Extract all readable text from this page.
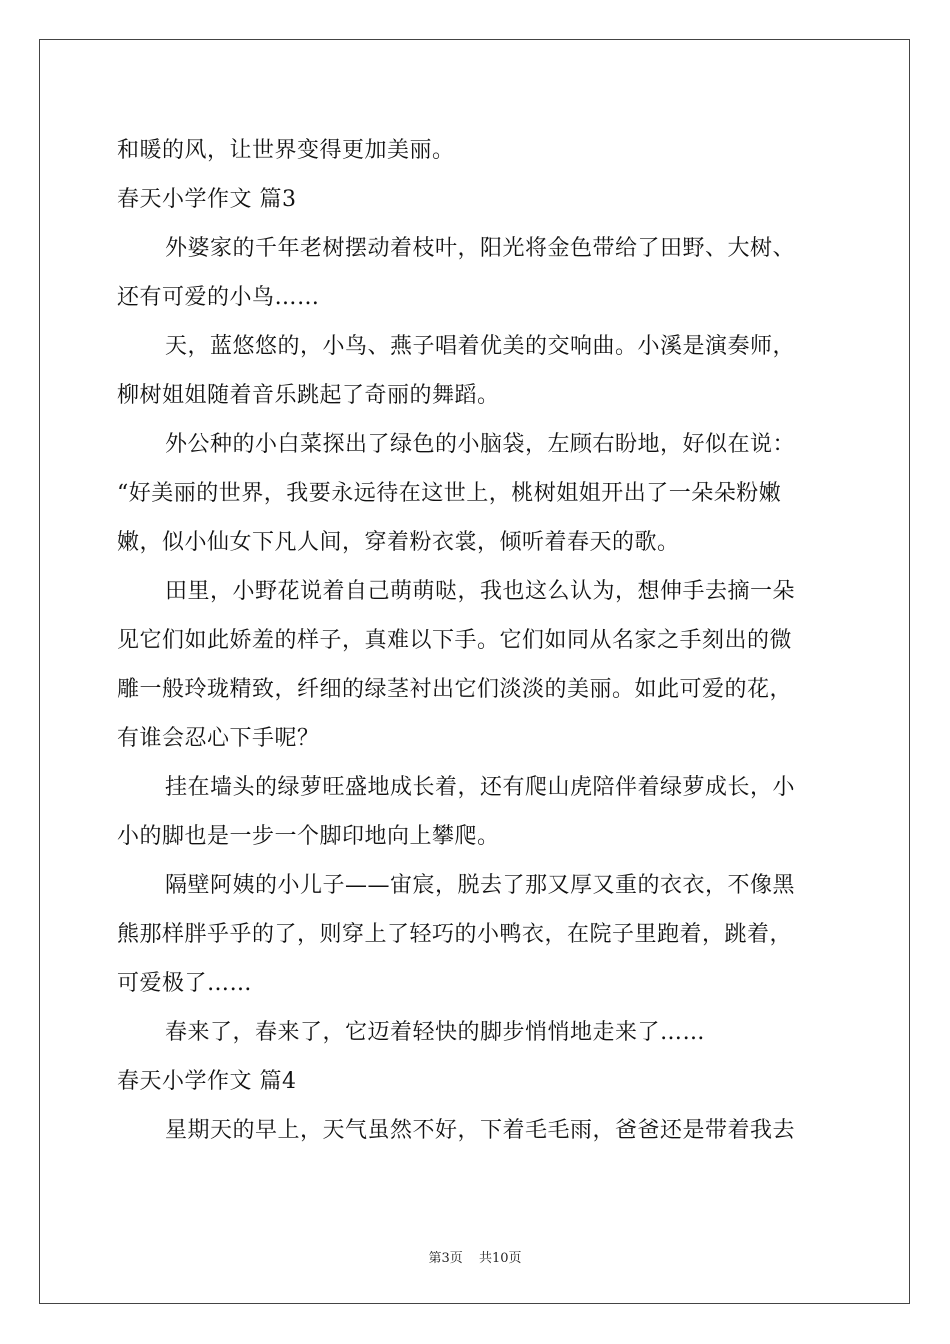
和暖的风，让世界变得更加美丽。
春天小学作文 篇3
外婆家的千年老树摆动着枝叶，阳光将金色带给了田野、大树、
还有可爱的小鸟……
天，蓝悠悠的，小鸟、燕子唱着优美的交响曲。小溪是演奏师，
柳树姐姐随着音乐跳起了奇丽的舞蹈。
外公种的小白菜探出了绿色的小脑袋，左顾右盼地，好似在说：
“好美丽的世界，我要永远待在这世上，桃树姐姐开出了一朵朵粉嫩
嫩，似小仙女下凡人间，穿着粉衣裳，倾听着春天的歌。
田里，小野花说着自己萌萌哒，我也这么认为，想伸手去摘一朵
见它们如此娇羞的样子，真难以下手。它们如同从名家之手刻出的微
雕一般玲珑精致，纤细的绿茎衬出它们淡淡的美丽。如此可爱的花，
有谁会忍心下手呢？
挂在墙头的绿萝旺盛地成长着，还有爬山虎陪伴着绿萝成长，小
小的脚也是一步一个脚印地向上攀爬。
隔壁阿姨的小儿子——宙宸，脱去了那又厚又重的衣衣，不像黑
熊那样胖乎乎的了，则穿上了轻巧的小鸭衣，在院子里跑着，跳着，
可爱极了……
春来了，春来了，它迈着轻快的脚步悄悄地走来了……
春天小学作文 篇4
星期天的早上，天气虽然不好，下着毛毛雨，爸爸还是带着我去
第3页 共10页
